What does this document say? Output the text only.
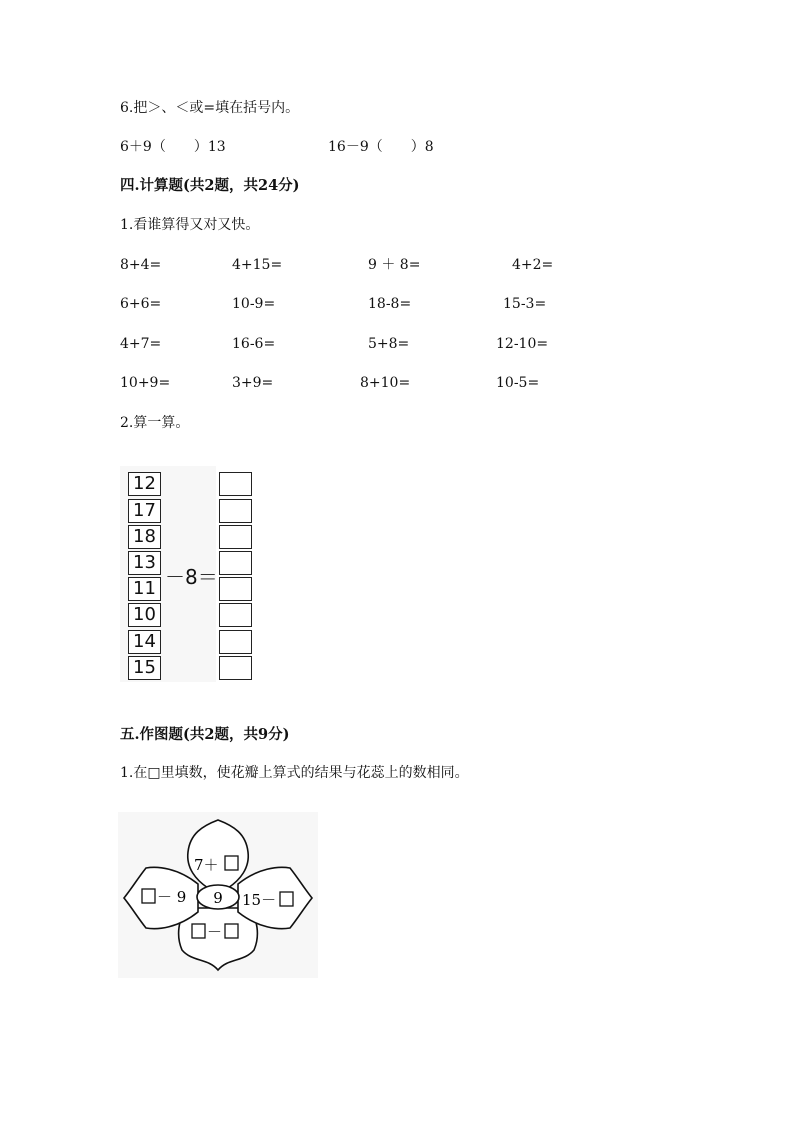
6.把＞、＜或=填在括号内。
6＋9（　　）13	16－9（　　）8
四.计算题(共2题，共24分)
1.看谁算得又对又快。
8+4=	4+15=	9 ＋ 8=	4+2=
6+6=	10-9=	18-8=	15-3=
4+7=	16-6=	5+8=	12-10=
10+9=	3+9=	8+10=	10-5=
2.算一算。
12
17
18
13
11
10
14
15
－8＝
五.作图题(共2题，共9分)
1.在□里填数，使花瓣上算式的结果与花蕊上的数相同。
9
7＋
－ 9	15－
－
